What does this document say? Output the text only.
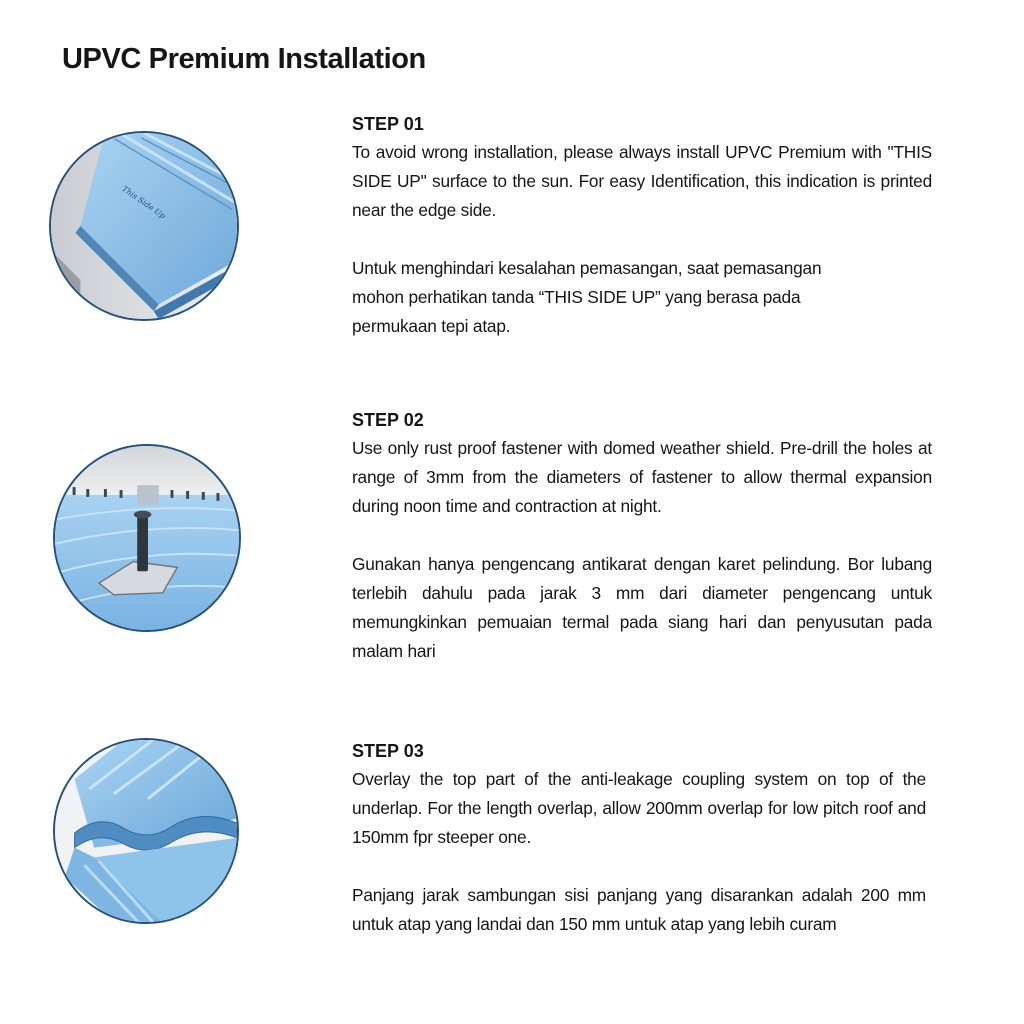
UPVC Premium Installation
This Side Up

STEP 01

To avoid wrong installation, please always install UPVC Premium with "THIS SIDE UP" surface to the sun. For easy Identification, this indication is printed near the edge side.

Untuk menghindari kesalahan pemasangan, saat pemasangan mohon perhatikan tanda “THIS SIDE UP” yang berasa pada permukaan tepi atap.

STEP 02

Use only rust proof fastener with domed weather shield. Pre-drill the holes at range of 3mm from the diameters of fastener to allow thermal expansion during noon time and contraction at night.

Gunakan hanya pengencang antikarat dengan karet pelindung. Bor lubang terlebih dahulu pada jarak 3 mm dari diameter pengencang untuk memungkinkan pemuaian termal pada siang hari dan penyusutan pada malam hari

STEP 03

Overlay the top part of the anti-leakage coupling system on top of the underlap. For the length overlap, allow 200mm overlap for low pitch roof and 150mm fpr steeper one.

Panjang jarak sambungan sisi panjang yang disarankan adalah 200 mm untuk atap yang landai dan 150 mm untuk atap yang lebih curam
